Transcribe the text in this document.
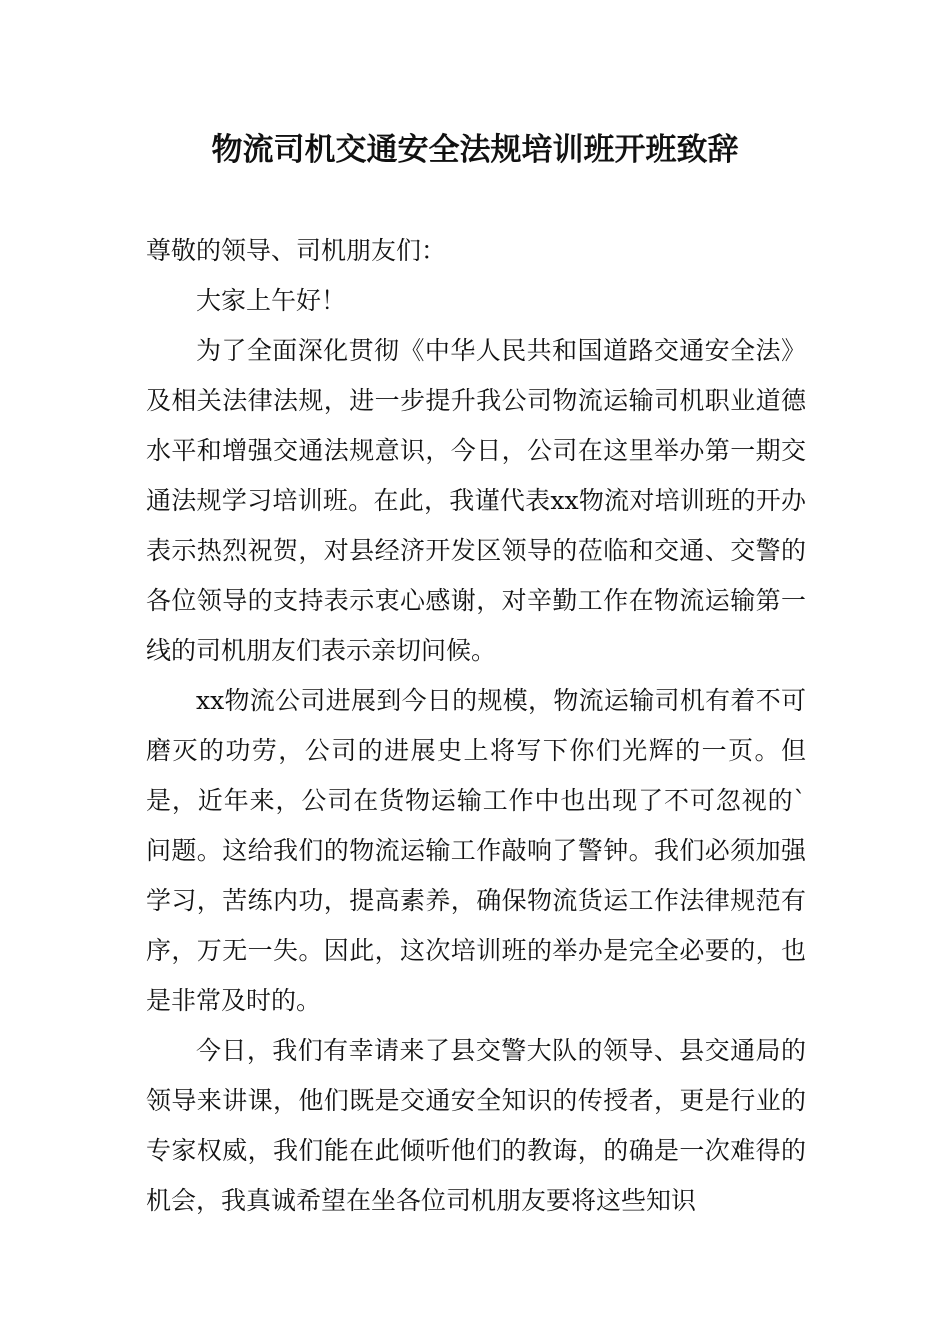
物流司机交通安全法规培训班开班致辞

尊敬的领导、司机朋友们：

大家上午好！

为了全面深化贯彻《中华人民共和国道路交通安全法》及相关法律法规，进一步提升我公司物流运输司机职业道德水平和增强交通法规意识，今日，公司在这里举办第一期交通法规学习培训班。在此，我谨代表xx物流对培训班的开办表示热烈祝贺，对县经济开发区领导的莅临和交通、交警的各位领导的支持表示衷心感谢，对辛勤工作在物流运输第一线的司机朋友们表示亲切问候。

xx物流公司进展到今日的规模，物流运输司机有着不可磨灭的功劳，公司的进展史上将写下你们光辉的一页。但是，近年来，公司在货物运输工作中也出现了不可忽视的`问题。这给我们的物流运输工作敲响了警钟。我们必须加强学习，苦练内功，提高素养，确保物流货运工作法律规范有序，万无一失。因此，这次培训班的举办是完全必要的，也是非常及时的。

今日，我们有幸请来了县交警大队的领导、县交通局的领导来讲课，他们既是交通安全知识的传授者，更是行业的专家权威，我们能在此倾听他们的教诲，的确是一次难得的机会，我真诚希望在坐各位司机朋友要将这些知识
